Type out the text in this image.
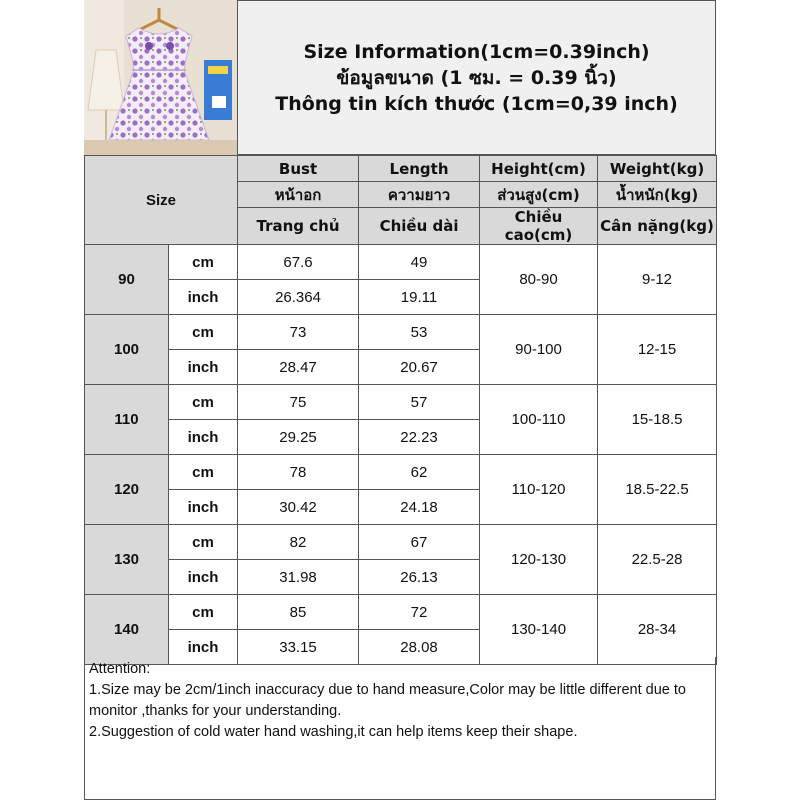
Size Information(1cm=0.39inch)
ข้อมูลขนาด (1 ซม. = 0.39 นิ้ว)
Thông tin kích thước (1cm=0,39 inch)
Size		Bust	Length	Height(cm)	Weight(kg)
		หน้าอก	ความยาว	ส่วนสูง(cm)	น้ำหนัก(kg)
		Trang chủ	Chiều dài	Chiều cao(cm)	Cân nặng(kg)
90	cm	67.6	49	80-90	9-12
	inch	26.364	19.11		
100	cm	73	53	90-100	12-15
	inch	28.47	20.67		
110	cm	75	57	100-110	15-18.5
	inch	29.25	22.23		
120	cm	78	62	110-120	18.5-22.5
	inch	30.42	24.18		
130	cm	82	67	120-130	22.5-28
	inch	31.98	26.13		
140	cm	85	72	130-140	28-34
	inch	33.15	28.08		
Attention:
1.Size may be 2cm/1inch inaccuracy due to hand measure,Color may be little different due to monitor ,thanks for your understanding.
2.Suggestion of cold water hand washing,it can help items keep their shape.
